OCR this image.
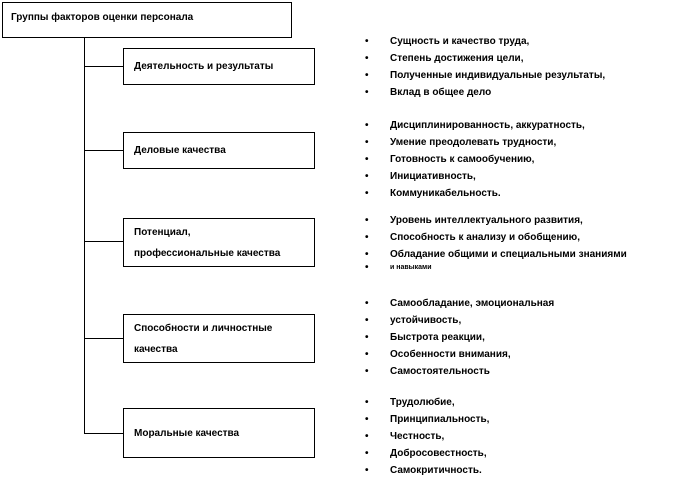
Группы факторов оценки персонала
Деятельность и результаты
Деловые качества
Потенциал,
профессиональные качества
Способности и личностные
качества
Моральные качества
• Сущность и качество труда,
• Степень достижения цели,
• Полученные индивидуальные результаты,
• Вклад в общее дело
• Дисциплинированность, аккуратность,
• Умение преодолевать трудности,
• Готовность к самообучению,
• Инициативность,
• Коммуникабельность.
• Уровень интеллектуального развития,
• Способность к анализу и обобщению,
• Обладание общими и специальными знаниями
• и навыками
• Самообладание, эмоциональная
• устойчивость,
• Быстрота реакции,
• Особенности внимания,
• Самостоятельность
• Трудолюбие,
• Принципиальность,
• Честность,
• Добросовестность,
• Самокритичность.
